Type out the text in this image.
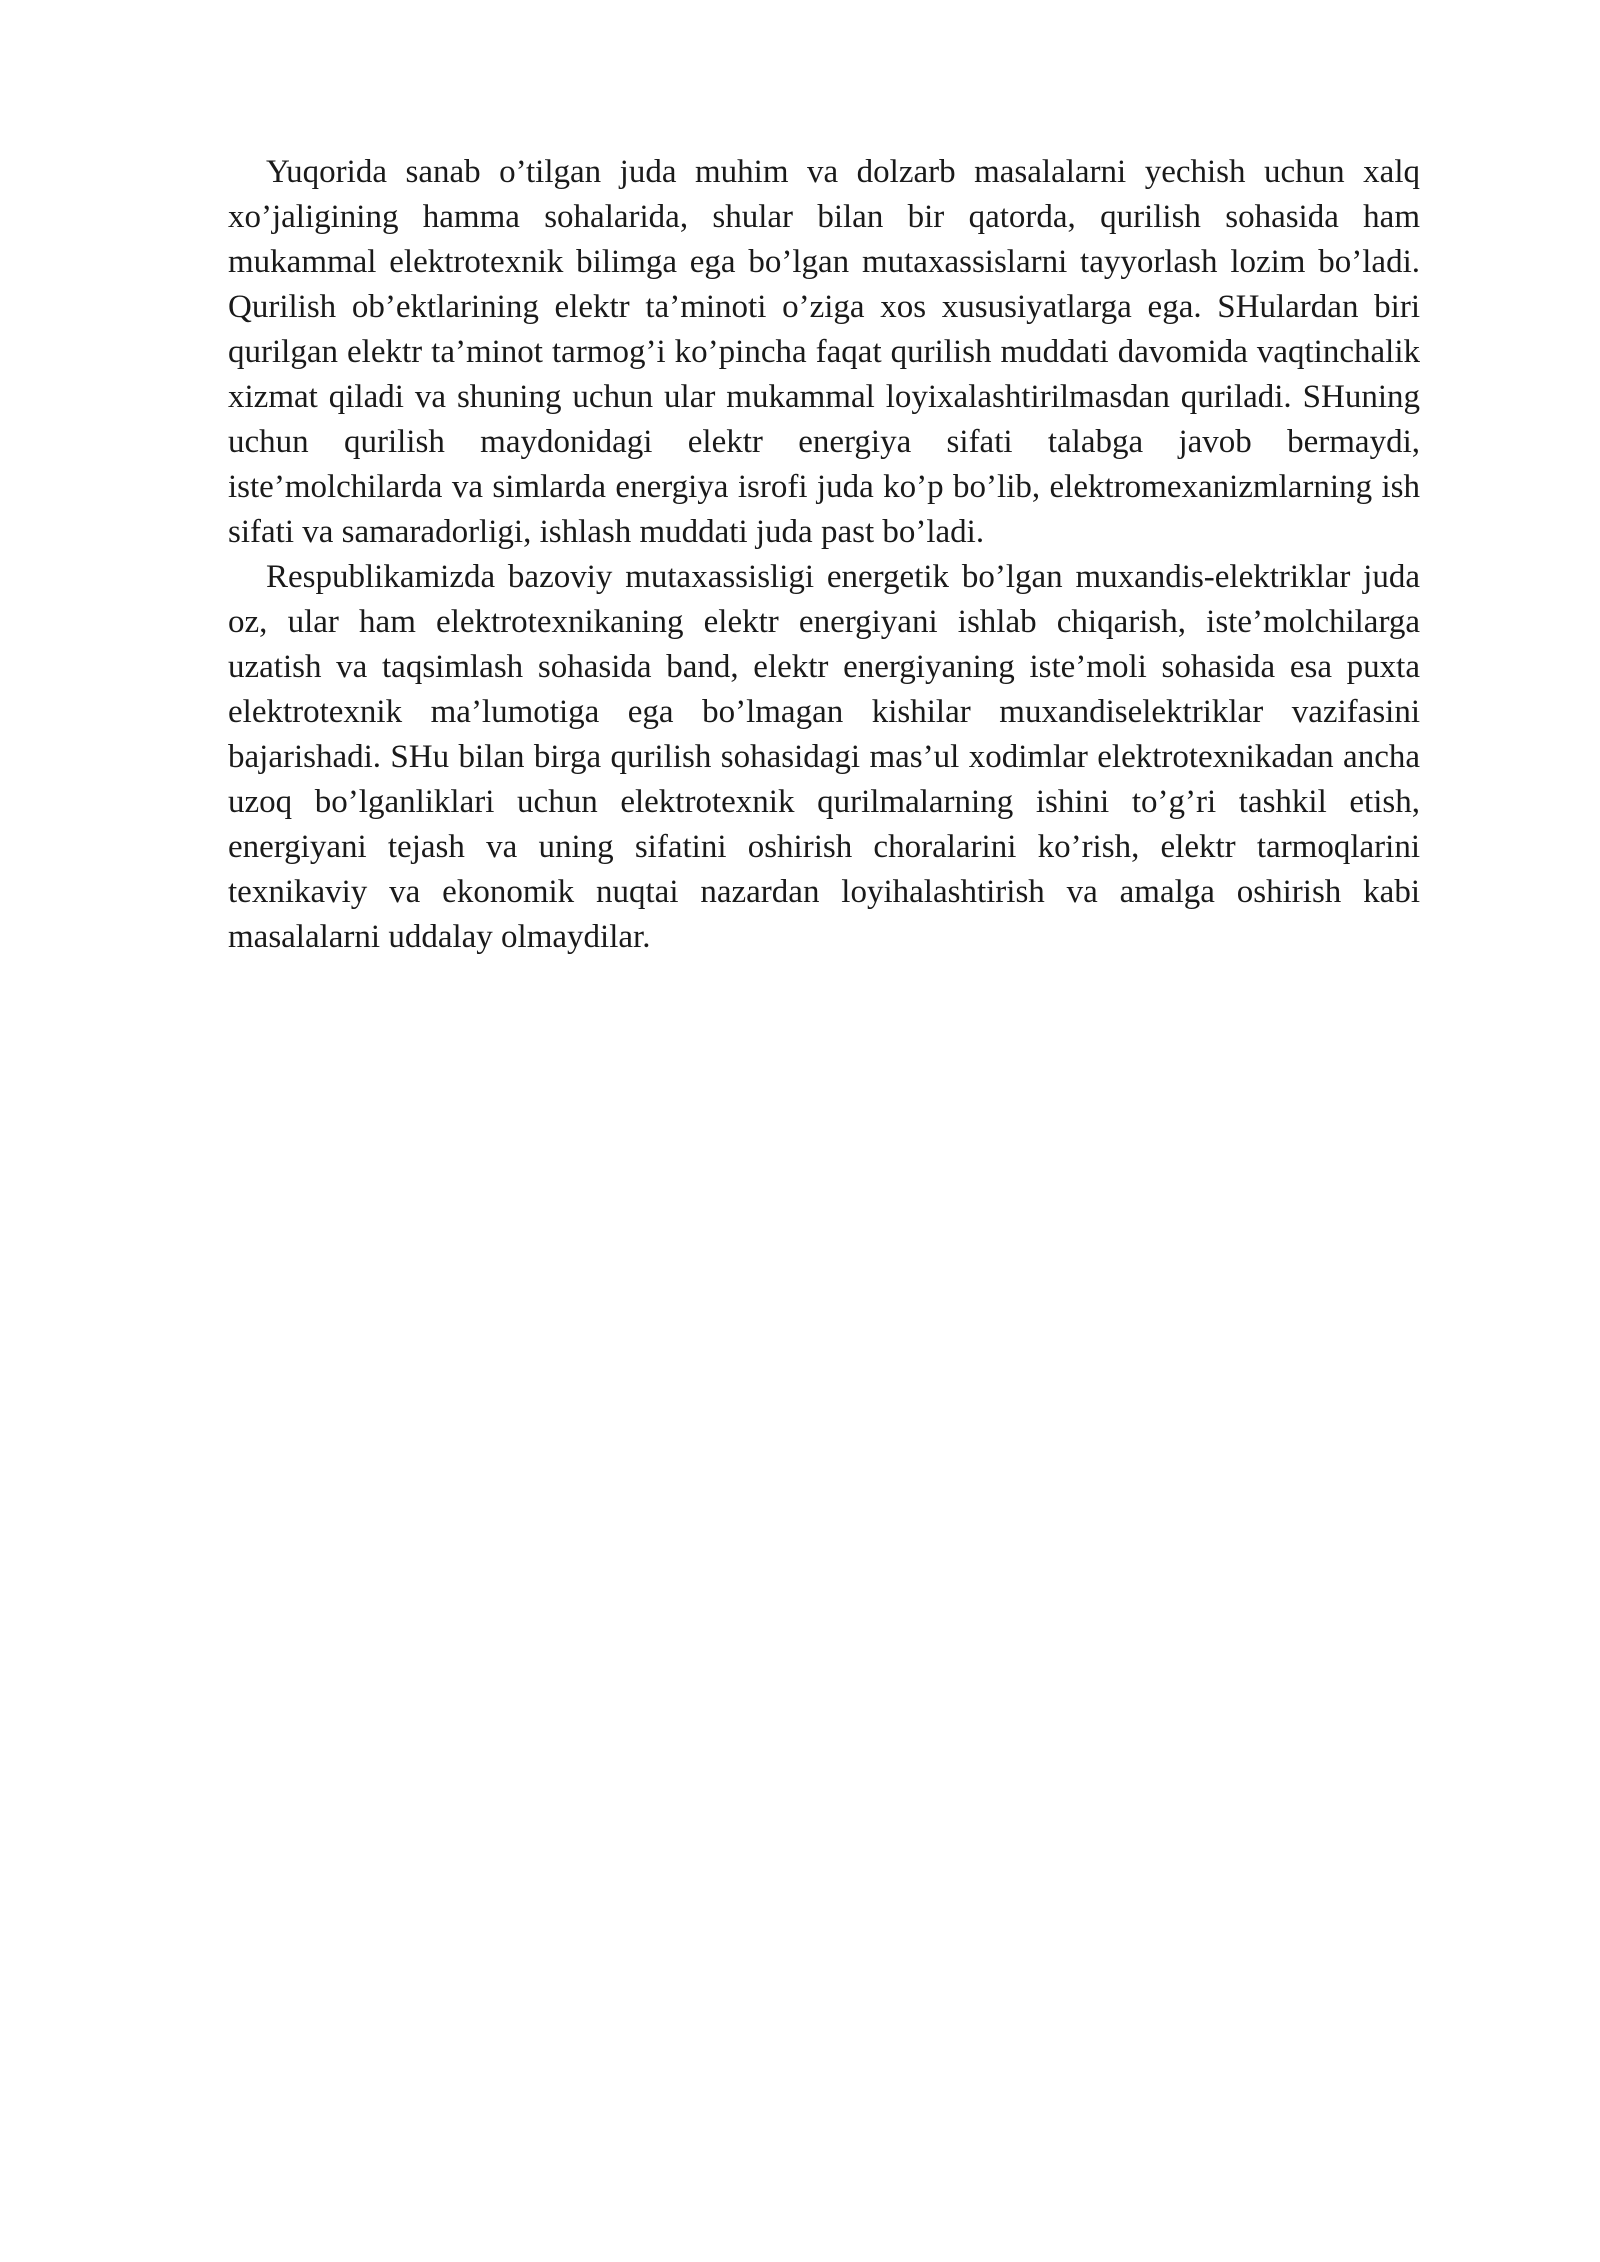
Yuqorida sanab o’tilgan juda muhim va dolzarb masalalarni yechish uchun xalq xo’jaligining hamma sohalarida, shular bilan bir qatorda, qurilish sohasida ham mukammal elektrotexnik bilimga ega bo’lgan mutaxassislarni tayyorlash lozim bo’ladi. Qurilish ob’ektlarining elektr ta’minoti o’ziga xos xususiyatlarga ega. SHulardan biri qurilgan elektr ta’minot tarmog’i ko’pincha faqat qurilish muddati davomida vaqtinchalik xizmat qiladi va shuning uchun ular mukammal loyixalashtirilmasdan quriladi. SHuning uchun qurilish maydonidagi elektr energiya sifati talabga javob bermaydi, iste’molchilarda va simlarda energiya isrofi juda ko’p bo’lib, elektromexanizmlarning ish sifati va samaradorligi, ishlash muddati juda past bo’ladi.

Respublikamizda bazoviy mutaxassisligi energetik bo’lgan muxandis-elektriklar juda oz, ular ham elektrotexnikaning elektr energiyani ishlab chiqarish, iste’molchilarga uzatish va taqsimlash sohasida band, elektr energiyaning iste’moli sohasida esa puxta elektrotexnik ma’lumotiga ega bo’lmagan kishilar muxandiselektriklar vazifasini bajarishadi. SHu bilan birga qurilish sohasidagi mas’ul xodimlar elektrotexnikadan ancha uzoq bo’lganliklari uchun elektrotexnik qurilmalarning ishini to’g’ri tashkil etish, energiyani tejash va uning sifatini oshirish choralarini ko’rish, elektr tarmoqlarini texnikaviy va ekonomik nuqtai nazardan loyihalashtirish va amalga oshirish kabi masalalarni uddalay olmaydilar.
